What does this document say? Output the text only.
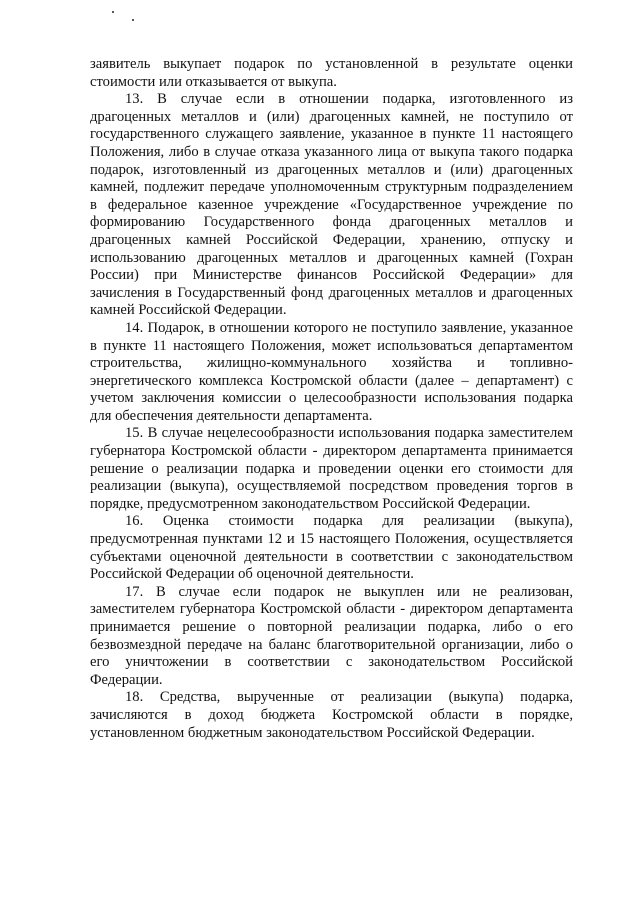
заявитель выкупает подарок по установленной в результате оценки стоимости или отказывается от выкупа.

13. В случае если в отношении подарка, изготовленного из драгоценных металлов и (или) драгоценных камней, не поступило от государственного служащего заявление, указанное в пункте 11 настоящего Положения, либо в случае отказа указанного лица от выкупа такого подарка подарок, изготовленный из драгоценных металлов и (или) драгоценных камней, подлежит передаче уполномоченным структурным подразделением в федеральное казенное учреждение «Государственное учреждение по формированию Государственного фонда драгоценных металлов и драгоценных камней Российской Федерации, хранению, отпуску и использованию драгоценных металлов и драгоценных камней (Гохран России) при Министерстве финансов Российской Федерации» для зачисления в Государственный фонд драгоценных металлов и драгоценных камней Российской Федерации.

14. Подарок, в отношении которого не поступило заявление, указанное в пункте 11 настоящего Положения, может использоваться департаментом строительства, жилищно-коммунального хозяйства и топливно-энергетического комплекса Костромской области (далее – департамент) с учетом заключения комиссии о целесообразности использования подарка для обеспечения деятельности департамента.

15. В случае нецелесообразности использования подарка заместителем губернатора Костромской области - директором департамента принимается решение о реализации подарка и проведении оценки его стоимости для реализации (выкупа), осуществляемой посредством проведения торгов в порядке, предусмотренном законодательством Российской Федерации.

16. Оценка стоимости подарка для реализации (выкупа), предусмотренная пунктами 12 и 15 настоящего Положения, осуществляется субъектами оценочной деятельности в соответствии с законодательством Российской Федерации об оценочной деятельности.

17. В случае если подарок не выкуплен или не реализован, заместителем губернатора Костромской области - директором департамента принимается решение о повторной реализации подарка, либо о его безвозмездной передаче на баланс благотворительной организации, либо о его уничтожении в соответствии с законодательством Российской Федерации.

18. Средства, вырученные от реализации (выкупа) подарка, зачисляются в доход бюджета Костромской области в порядке, установленном бюджетным законодательством Российской Федерации.
